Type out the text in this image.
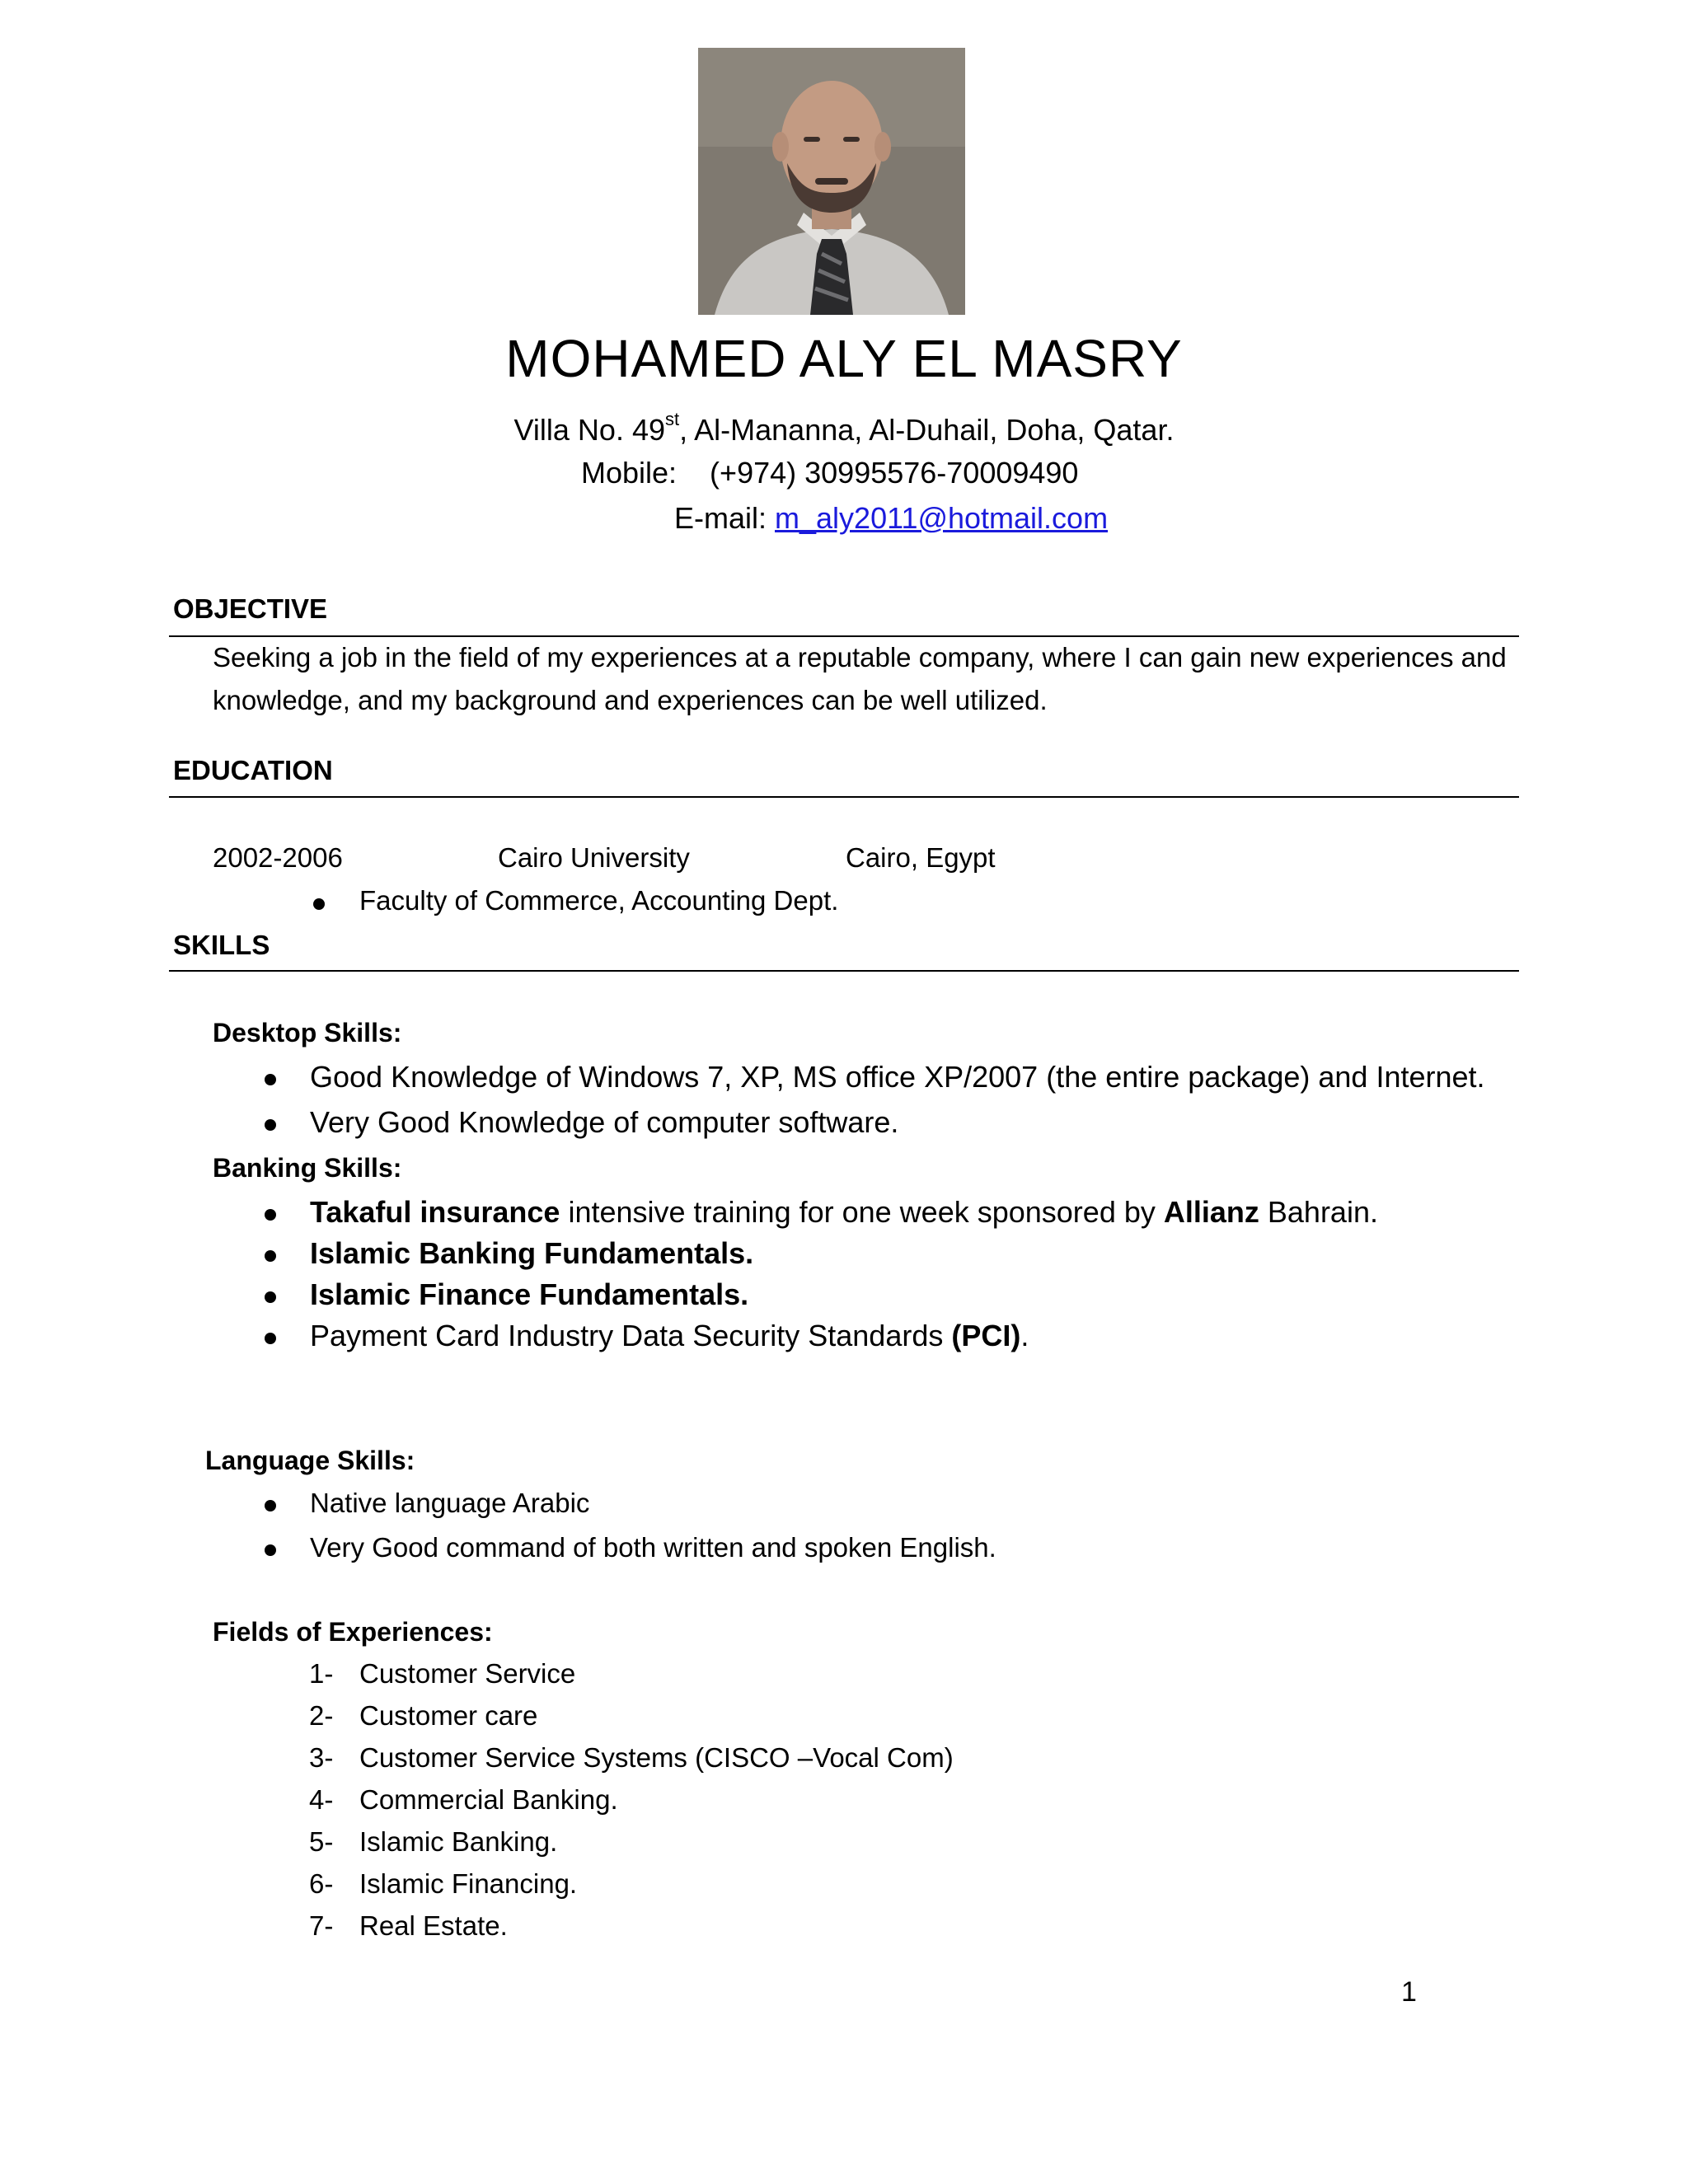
MOHAMED ALY EL MASRY
Villa No. 49st, Al-Mananna, Al-Duhail, Doha, Qatar.
Mobile:    (+974) 30995576-70009490
E-mail: m_aly2011@hotmail.com
OBJECTIVE
Seeking a job in the field of my experiences at a reputable company, where I can gain new experiences and
knowledge, and my background and experiences can be well utilized.
EDUCATION
2002-2006	Cairo University	Cairo, Egypt
Faculty of Commerce, Accounting Dept.
SKILLS
Desktop Skills:
Good Knowledge of Windows 7, XP, MS office XP/2007 (the entire package) and Internet.
Very Good Knowledge of computer software.
Banking Skills:
Takaful insurance intensive training for one week sponsored by Allianz Bahrain.
Islamic Banking Fundamentals.
Islamic Finance Fundamentals.
Payment Card Industry Data Security Standards (PCI).
Language Skills:
Native language Arabic
Very Good command of both written and spoken English.
Fields of Experiences:
1- Customer Service
2- Customer care
3- Customer Service Systems (CISCO –Vocal Com)
4- Commercial Banking.
5- Islamic Banking.
6- Islamic Financing.
7- Real Estate.
1
